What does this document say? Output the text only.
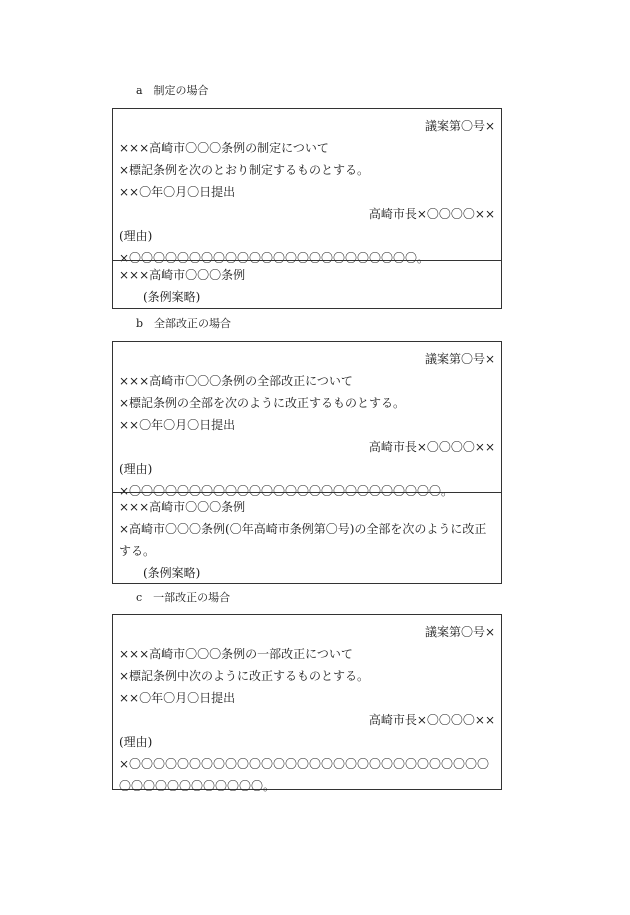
a　制定の場合
議案第〇号×
×××高崎市〇〇〇条例の制定について
×標記条例を次のとおり制定するものとする。
××〇年〇月〇日提出
高崎市長×〇〇〇〇××
(理由)
×〇〇〇〇〇〇〇〇〇〇〇〇〇〇〇〇〇〇〇〇〇〇〇〇。
×××高崎市〇〇〇条例
(条例案略)
b　全部改正の場合
議案第〇号×
×××高崎市〇〇〇条例の全部改正について
×標記条例の全部を次のように改正するものとする。
××〇年〇月〇日提出
高崎市長×〇〇〇〇××
(理由)
×〇〇〇〇〇〇〇〇〇〇〇〇〇〇〇〇〇〇〇〇〇〇〇〇〇〇。
×××高崎市〇〇〇条例
×高崎市〇〇〇条例(〇年高崎市条例第〇号)の全部を次のように改正する。
(条例案略)
c　一部改正の場合
議案第〇号×
×××高崎市〇〇〇条例の一部改正について
×標記条例中次のように改正するものとする。
××〇年〇月〇日提出
高崎市長×〇〇〇〇××
(理由)
×〇〇〇〇〇〇〇〇〇〇〇〇〇〇〇〇〇〇〇〇〇〇〇〇〇〇〇〇〇〇〇〇〇〇〇〇〇〇〇〇〇〇。
